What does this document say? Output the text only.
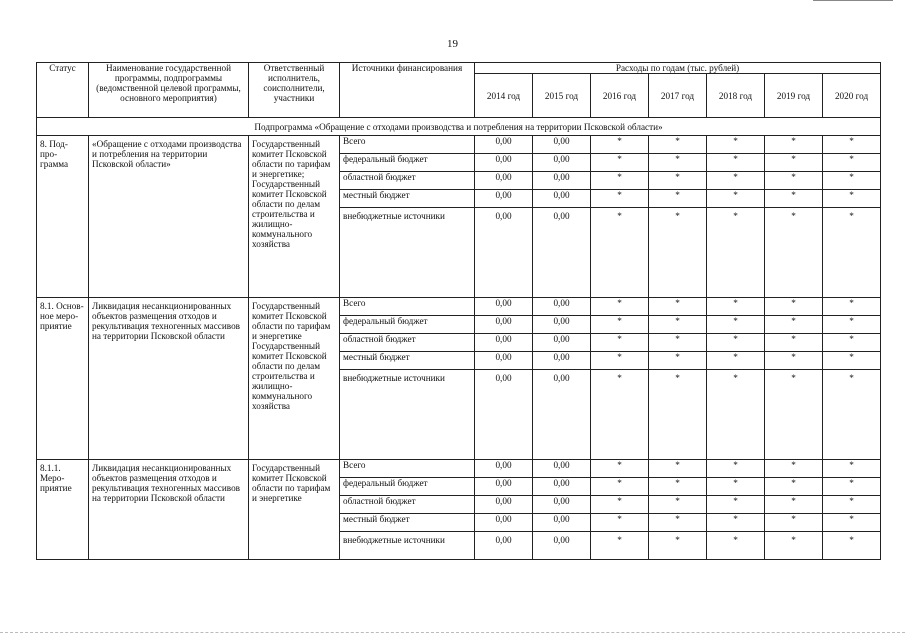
19
Статус	Наименование государственной программы, подпрограммы (ведомственной целевой программы, основного мероприятия)	Ответственный исполнитель, соисполнители, участники	Источники финансирования	Расходы по годам (тыс. рублей)						
				2014 год	2015 год	2016 год	2017 год	2018 год	2019 год	2020 год
Подпрограмма «Обращение с отходами производства и потребления на территории Псковской области»										
8. Под-про-грамма	«Обращение с отходами производства и потребления на территории Псковской области»	Государственный комитет Псковской области по тарифам и энергетике; Государственный комитет Псковской области по делам строительства и жилищно-коммунального хозяйства	Всего	0,00	0,00	*	*	*	*	*
			федеральный бюджет	0,00	0,00	*	*	*	*	*
			областной бюджет	0,00	0,00	*	*	*	*	*
			местный бюджет	0,00	0,00	*	*	*	*	*
			внебюджетные источники	0,00	0,00	*	*	*	*	*
8.1. Основ-ное меро-приятие	Ликвидация несанкционированных объектов размещения отходов и рекультивация техногенных массивов на территории Псковской области	Государственный комитет Псковской области по тарифам и энергетике Государственный комитет Псковской области по делам строительства и жилищно-коммунального хозяйства	Всего	0,00	0,00	*	*	*	*	*
			федеральный бюджет	0,00	0,00	*	*	*	*	*
			областной бюджет	0,00	0,00	*	*	*	*	*
			местный бюджет	0,00	0,00	*	*	*	*	*
			внебюджетные источники	0,00	0,00	*	*	*	*	*
8.1.1. Меро-приятие	Ликвидация несанкционированных объектов размещения отходов и рекультивация техногенных массивов на территории Псковской области	Государственный комитет Псковской области по тарифам и энергетике	Всего	0,00	0,00	*	*	*	*	*
			федеральный бюджет	0,00	0,00	*	*	*	*	*
			областной бюджет	0,00	0,00	*	*	*	*	*
			местный бюджет	0,00	0,00	*	*	*	*	*
			внебюджетные источники	0,00	0,00	*	*	*	*	*
